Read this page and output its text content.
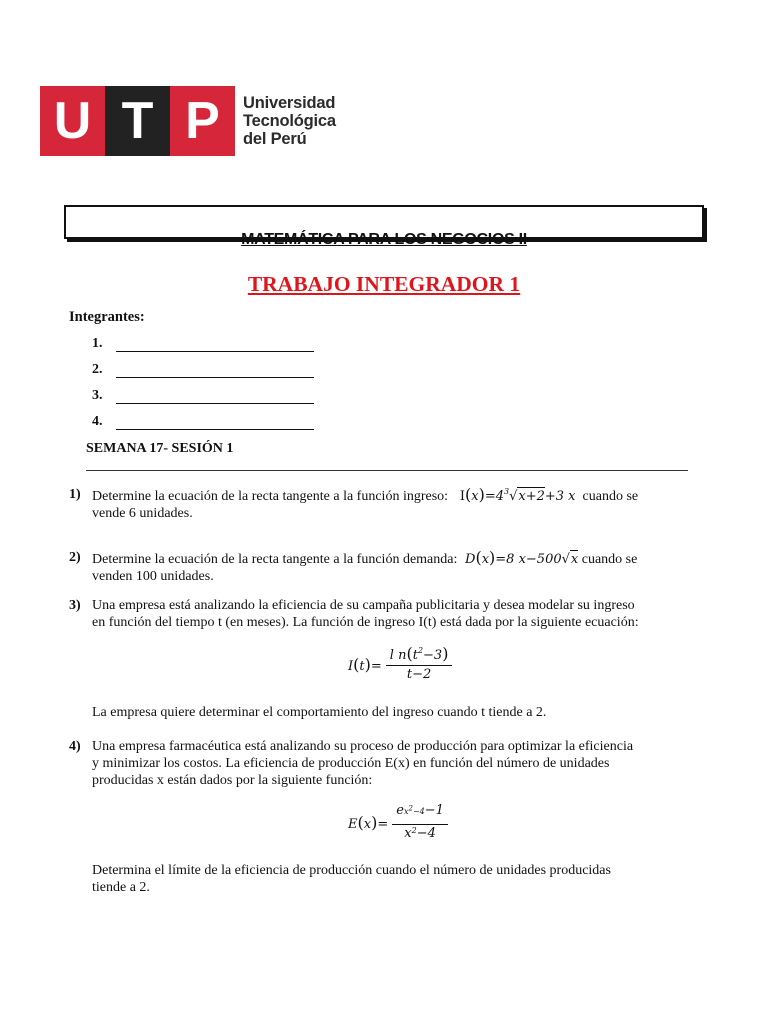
U T P Universidad
Tecnológica
del Perú
MATEMÁTICA PARA LOS NEGOCIOS II
TRABAJO INTEGRADOR 1
Integrantes:
1.
2.
3.
4.
SEMANA 17- SESIÓN 1
1) Determine la ecuación de la recta tangente a la función ingreso: $I(x)=4^3√x+2+3$ x cuando se
vende 6 unidades.
2) Determine la ecuación de la recta tangente a la función demanda:  D(x)=8 x−500√x cuando se
venden 100 unidades.
3) Una empresa está analizando la eficiencia de su campaña publicitaria y desea modelar su ingreso
en función del tiempo t (en meses). La función de ingreso I(t) está dada por la siguiente ecuación:
$I(t)= \frac{l n(t^2-3)}{t-2}$
La empresa quiere determinar el comportamiento del ingreso cuando t tiende a 2.
4) Una empresa farmacéutica está analizando su proceso de producción para optimizar la eficiencia
y minimizar los costos. La eficiencia de producción E(x) en función del número de unidades
producidas x están dados por la siguiente función:
$E(x)= \frac{e^{x^2-4}-1}{x^2-4}$
Determina el límite de la eficiencia de producción cuando el número de unidades producidas
tiende a 2.
